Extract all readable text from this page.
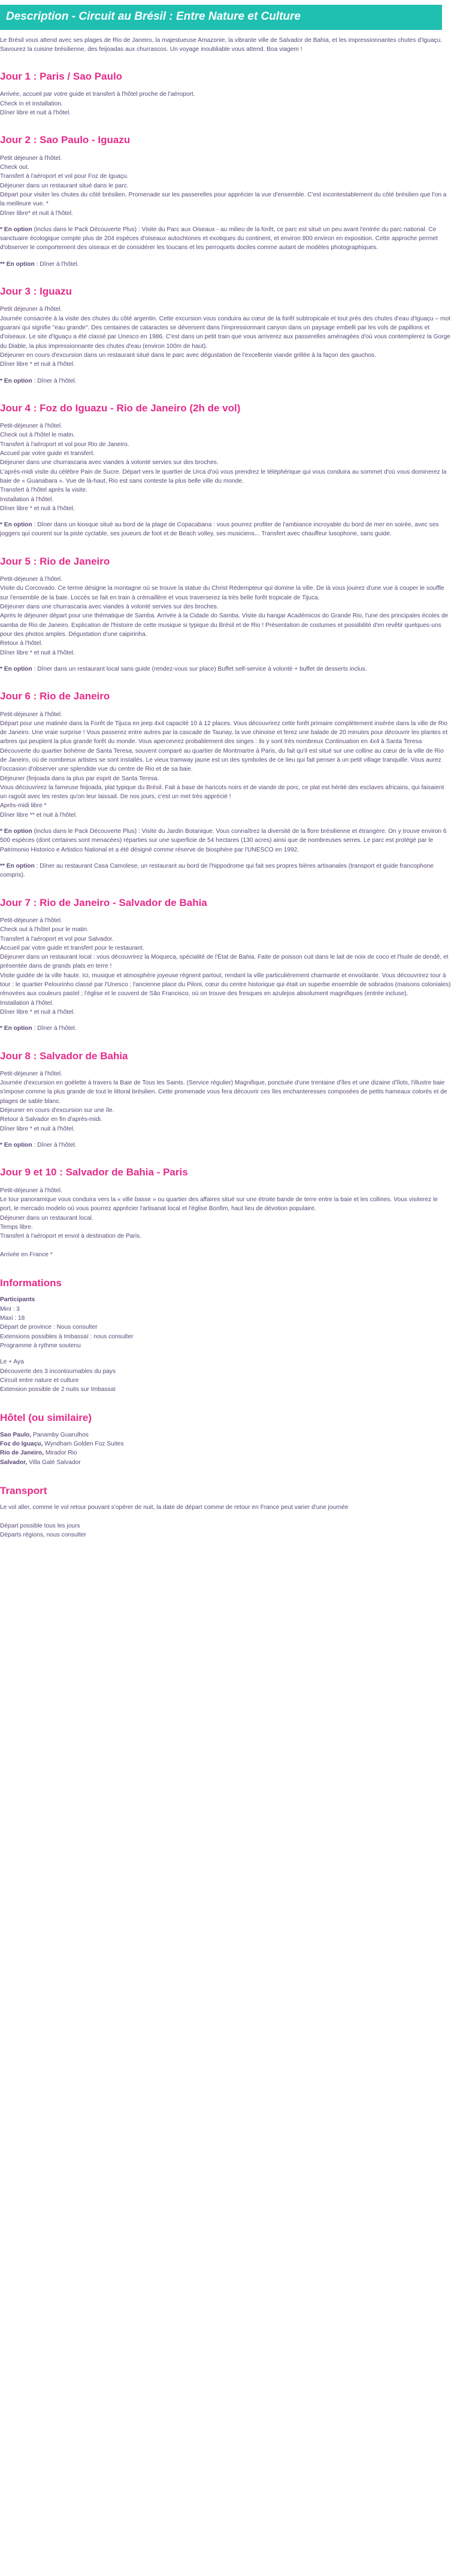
Description - Circuit au Brésil : Entre Nature et Culture

Le Brésil vous attend avec ses plages de Rio de Janeiro, la majestueuse Amazonie, la vibrante ville de Salvador de Bahia, et les impressionnantes chutes d'Iguaçu. Savourez la cuisine brésilienne, des feijoadas aux churrascos. Un voyage inoubliable vous attend. Boa viagem !

Jour 1 : Paris / Sao Paulo

Arrivée, accueil par votre guide et transfert à l'hôtel proche de l'aéroport.

Check in et installation.

Dîner libre et nuit à l'hôtel.

Jour 2 : Sao Paulo - Iguazu

Petit déjeuner à l'hôtel.

Check out.

Transfert à l'aéroport et vol pour Foz de Iguaçu.

Déjeuner dans un restaurant situé dans le parc.

Départ pour visiter les chutes du côté brésilien. Promenade sur les passerelles pour apprécier la vue d'ensemble. C'est incontestablement du côté brésilien que l'on a la meilleure vue. *

Dîner libre* et nuit à l'hôtel.

* En option (inclus dans le Pack Découverte Plus) : Visite du Parc aux Oiseaux - au milieu de la forêt, ce parc est situé un peu avant l'entrée du parc national. Ce sanctuaire écologique compte plus de 204 espèces d'oiseaux autochtones et exotiques du continent, et environ 800 environ en exposition. Cette approche permet d'observer le comportement des oiseaux et de considérer les toucans et les perroquets dociles comme autant de modèles photographiques.

** En option : Dîner à l'hôtel.

Jour 3 : Iguazu

Petit déjeuner à l'hôtel.

Journée consacrée à la visite des chutes du côté argentin. Cette excursion vous conduira au cœur de la forêt subtropicale et tout près des chutes d'eau d'Iguaçu – mot guarani qui signifie "eau grande". Des centaines de cataractes se déversent dans l'impressionnant canyon dans un paysage embelli par les vols de papillons et d'oiseaux. Le site d'Iguaçu a été classé par Unesco en 1986. C'est dans un petit train que vous arriverez aux passerelles aménagées d'où vous contemplerez la Gorge du Diable, la plus impressionnante des chutes d'eau (environ 100m de haut).

Déjeuner en cours d'excursion dans un restaurant situé dans le parc avec dégustation de l'excellente viande grillée à la façon des gauchos.

Dîner libre * et nuit à l'hôtel.

* En option : Dîner à l'hôtel.

Jour 4 : Foz do Iguazu - Rio de Janeiro (2h de vol)

Petit-déjeuner à l'hôtel.

Check out à l'hôtel le matin.

Transfert à l'aéroport et vol pour Rio de Janeiro.

Accueil par votre guide et transfert.

Déjeuner dans une churrascaria avec viandes à volonté servies sur des broches.

L'après-midi visite du célèbre Pain de Sucre. Départ vers le quartier de Urca d'où vous prendrez le téléphérique qui vous conduira au sommet d'où vous dominerez la baie de « Guanabara ». Vue de là-haut, Rio est sans conteste la plus belle ville du monde.

Transfert à l'hôtel après la visite.

Installation à l'hôtel.

Dîner libre * et nuit à l'hôtel.

* En option : Dîner dans un kiosque situé au bord de la plage de Copacabana : vous pourrez profiter de l'ambiance incroyable du bord de mer en soirée, avec ses joggers qui courent sur la piste cyclable, ses joueurs de foot et de Beach volley, ses musiciens... Transfert avec chauffeur lusophone, sans guide.

Jour 5 : Rio de Janeiro

Petit-déjeuner à l'hôtel.

Visite du Corcovado. Ce terme désigne la montagne où se trouve la statue du Christ Rédempteur qui domine la ville. De là vous jouirez d'une vue à couper le souffle sur l'ensemble de la baie. Loccès se fait en train à crémaillère et vous traverserez la très belle forêt tropicale de Tijuca.

Déjeuner dans une churrascaria avec viandes à volonté servies sur des broches.

Après le déjeuner départ pour une thématique de Samba. Arrivée à la Cidade do Samba. Visite du hangar Académicos do Grande Rio, l'une des principales écoles de samba de Rio de Janeiro. Explication de l'histoire de cette musique si typique du Brésil et de Rio ! Présentation de costumes et possibilité d'en revêtir quelques-uns pour des photos amples. Dégustation d'une caipirinha.

Retour à l'hôtel.

Dîner libre * et nuit à l'hôtel.

* En option : Dîner dans un restaurant local sans guide (rendez-vous sur place) Buffet self-service à volonté + buffet de desserts inclus.

Jour 6 : Rio de Janeiro

Petit-déjeuner à l'hôtel.

Départ pour une matinée dans la Forêt de Tijuca en jeep 4x4 capacité 10 à 12 places. Vous découvrirez cette forêt primaire complètement insérée dans la ville de Rio de Janeiro. Une vraie surprise ! Vous passerez entre autres par la cascade de Taunay, la vue chinoise et ferez une balade de 20 minutes pour découvrir les plantes et arbres qui peuplent la plus grande forêt du monde. Vous apercevrez probablement des singes : ils y sont très nombreux Continuation en 4x4 à Santa Teresa Découverte du quartier bohème de Santa Teresa, souvent comparé au quartier de Montmartre à Paris, du fait qu'il est situé sur une colline au cœur de la ville de Rio de Janeiro, où de nombreux artistes se sont installés. Le vieux tramway jaune est un des symboles de ce lieu qui fait penser à un petit village tranquille. Vous aurez l'occasion d'observer une splendide vue du centre de Rio et de sa baie.

Déjeuner (feijoada dans la plus par esprit de Santa Teresa.

Vous découvrirez la fameuse feijoada, plat typique du Brésil. Fait à base de haricots noirs et de viande de porc, ce plat est hérité des esclaves africains, qui faisaient un ragoût avec les restes qu'on leur laissait. De nos jours, c'est un met très apprécié !

Après-midi libre *

Dîner libre ** et nuit à l'hôtel.

* En option (inclus dans le Pack Découverte Plus) : Visite du Jardin Botanique. Vous connaîtrez la diversité de la flore brésilienne et étrangère. On y trouve environ 6 500 espèces (dont certaines sont menacées) réparties sur une superficie de 54 hectares (130 acres) ainsi que de nombreuses serres. Le parc est protégé par le Patrimonio Historico e Artistico National et a été désigné comme réserve de biosphère par l'UNESCO en 1992.

** En option : Dîner au restaurant Casa Camolese, un restaurant au bord de l'hippodrome qui fait ses propres bières artisanales (transport et guide francophone compris).

Jour 7 : Rio de Janeiro - Salvador de Bahia

Petit-déjeuner à l'hôtel.

Check out à l'hôtel pour le matin.

Transfert à l'aéroport et vol pour Salvador.

Accueil par votre guide et transfert pour le restaurant.

Déjeuner dans un restaurant local : vous découvrirez la Moqueca, spécialité de l'État de Bahia. Faite de poisson cuit dans le lait de noix de coco et l'huile de dendê, et présentée dans de grands plats en terre !

Visite guidée de la ville haute. Ici, musique et atmosphère joyeuse règnent partout, rendant la ville particulièrement charmante et envoûtante. Vous découvrirez tour à tour : le quartier Pelourinho classé par l'Unesco ; l'ancienne place du Piloni, cœur du centre historique qui était un superbe ensemble de sobrados (maisons coloniales) rénovées aux couleurs pastel ; l'église et le couvent de São Francisco, où on trouve des fresques en azulejos absolument magnifiques (entrée incluse).

Installation à l'hôtel.

Dîner libre * et nuit à l'hôtel.

* En option : Dîner à l'hôtel.

Jour 8 : Salvador de Bahia

Petit-déjeuner à l'hôtel.

Journée d'excursion en goélette à travers la Baie de Tous les Saints. (Service régulier) Magnifique, ponctuée d'une trentaine d'îles et une dizaine d'îlots, l'illustre baie s'impose comme la plus grande de tout le littoral brésilien. Cette promenade vous fera découvrir ces îles enchanteresses composées de petits hameaux colorés et de plages de sable blanc.

Déjeuner en cours d'excursion sur une île.

Retour à Salvador en fin d'après-midi.

Dîner libre * et nuit à l'hôtel.

* En option : Dîner à l'hôtel.

Jour 9 et 10 : Salvador de Bahia - Paris

Petit-déjeuner à l'hôtel.

Le tour panoramique vous conduira vers la « ville basse » ou quartier des affaires situé sur une étroite bande de terre entre la baie et les collines. Vous visiterez le port, le mercado modelo où vous pourrez apprécier l'artisanat local et l'église Bonfim, haut lieu de dévotion populaire.

Déjeuner dans un restaurant local.

Temps libre.

Transfert à l'aéroport et envol à destination de Paris.

Arrivée en France *

Informations

Participants

Mini : 3

Maxi : 18

Départ de province : Nous consulter

Extensions possibles à Imbassaï : nous consulter

Programme à rythme soutenu

Le + Aya

Découverte des 3 incontournables du pays

Circuit entre nature et culture

Extension possible de 2 nuits sur Imbassaï

Hôtel (ou similaire)

Sao Paulo, Panamby Guarulhos

Foz do Iguaçu, Wyndham Golden Foz Suites

Rio de Janeiro, Mirador Rio

Salvador, Villa Galé Salvador

Transport

Le vol aller, comme le vol retour pouvant s'opérer de nuit, la date de départ comme de retour en France peut varier d'une journée

Départ possible tous les jours

Départs régions, nous consulter
